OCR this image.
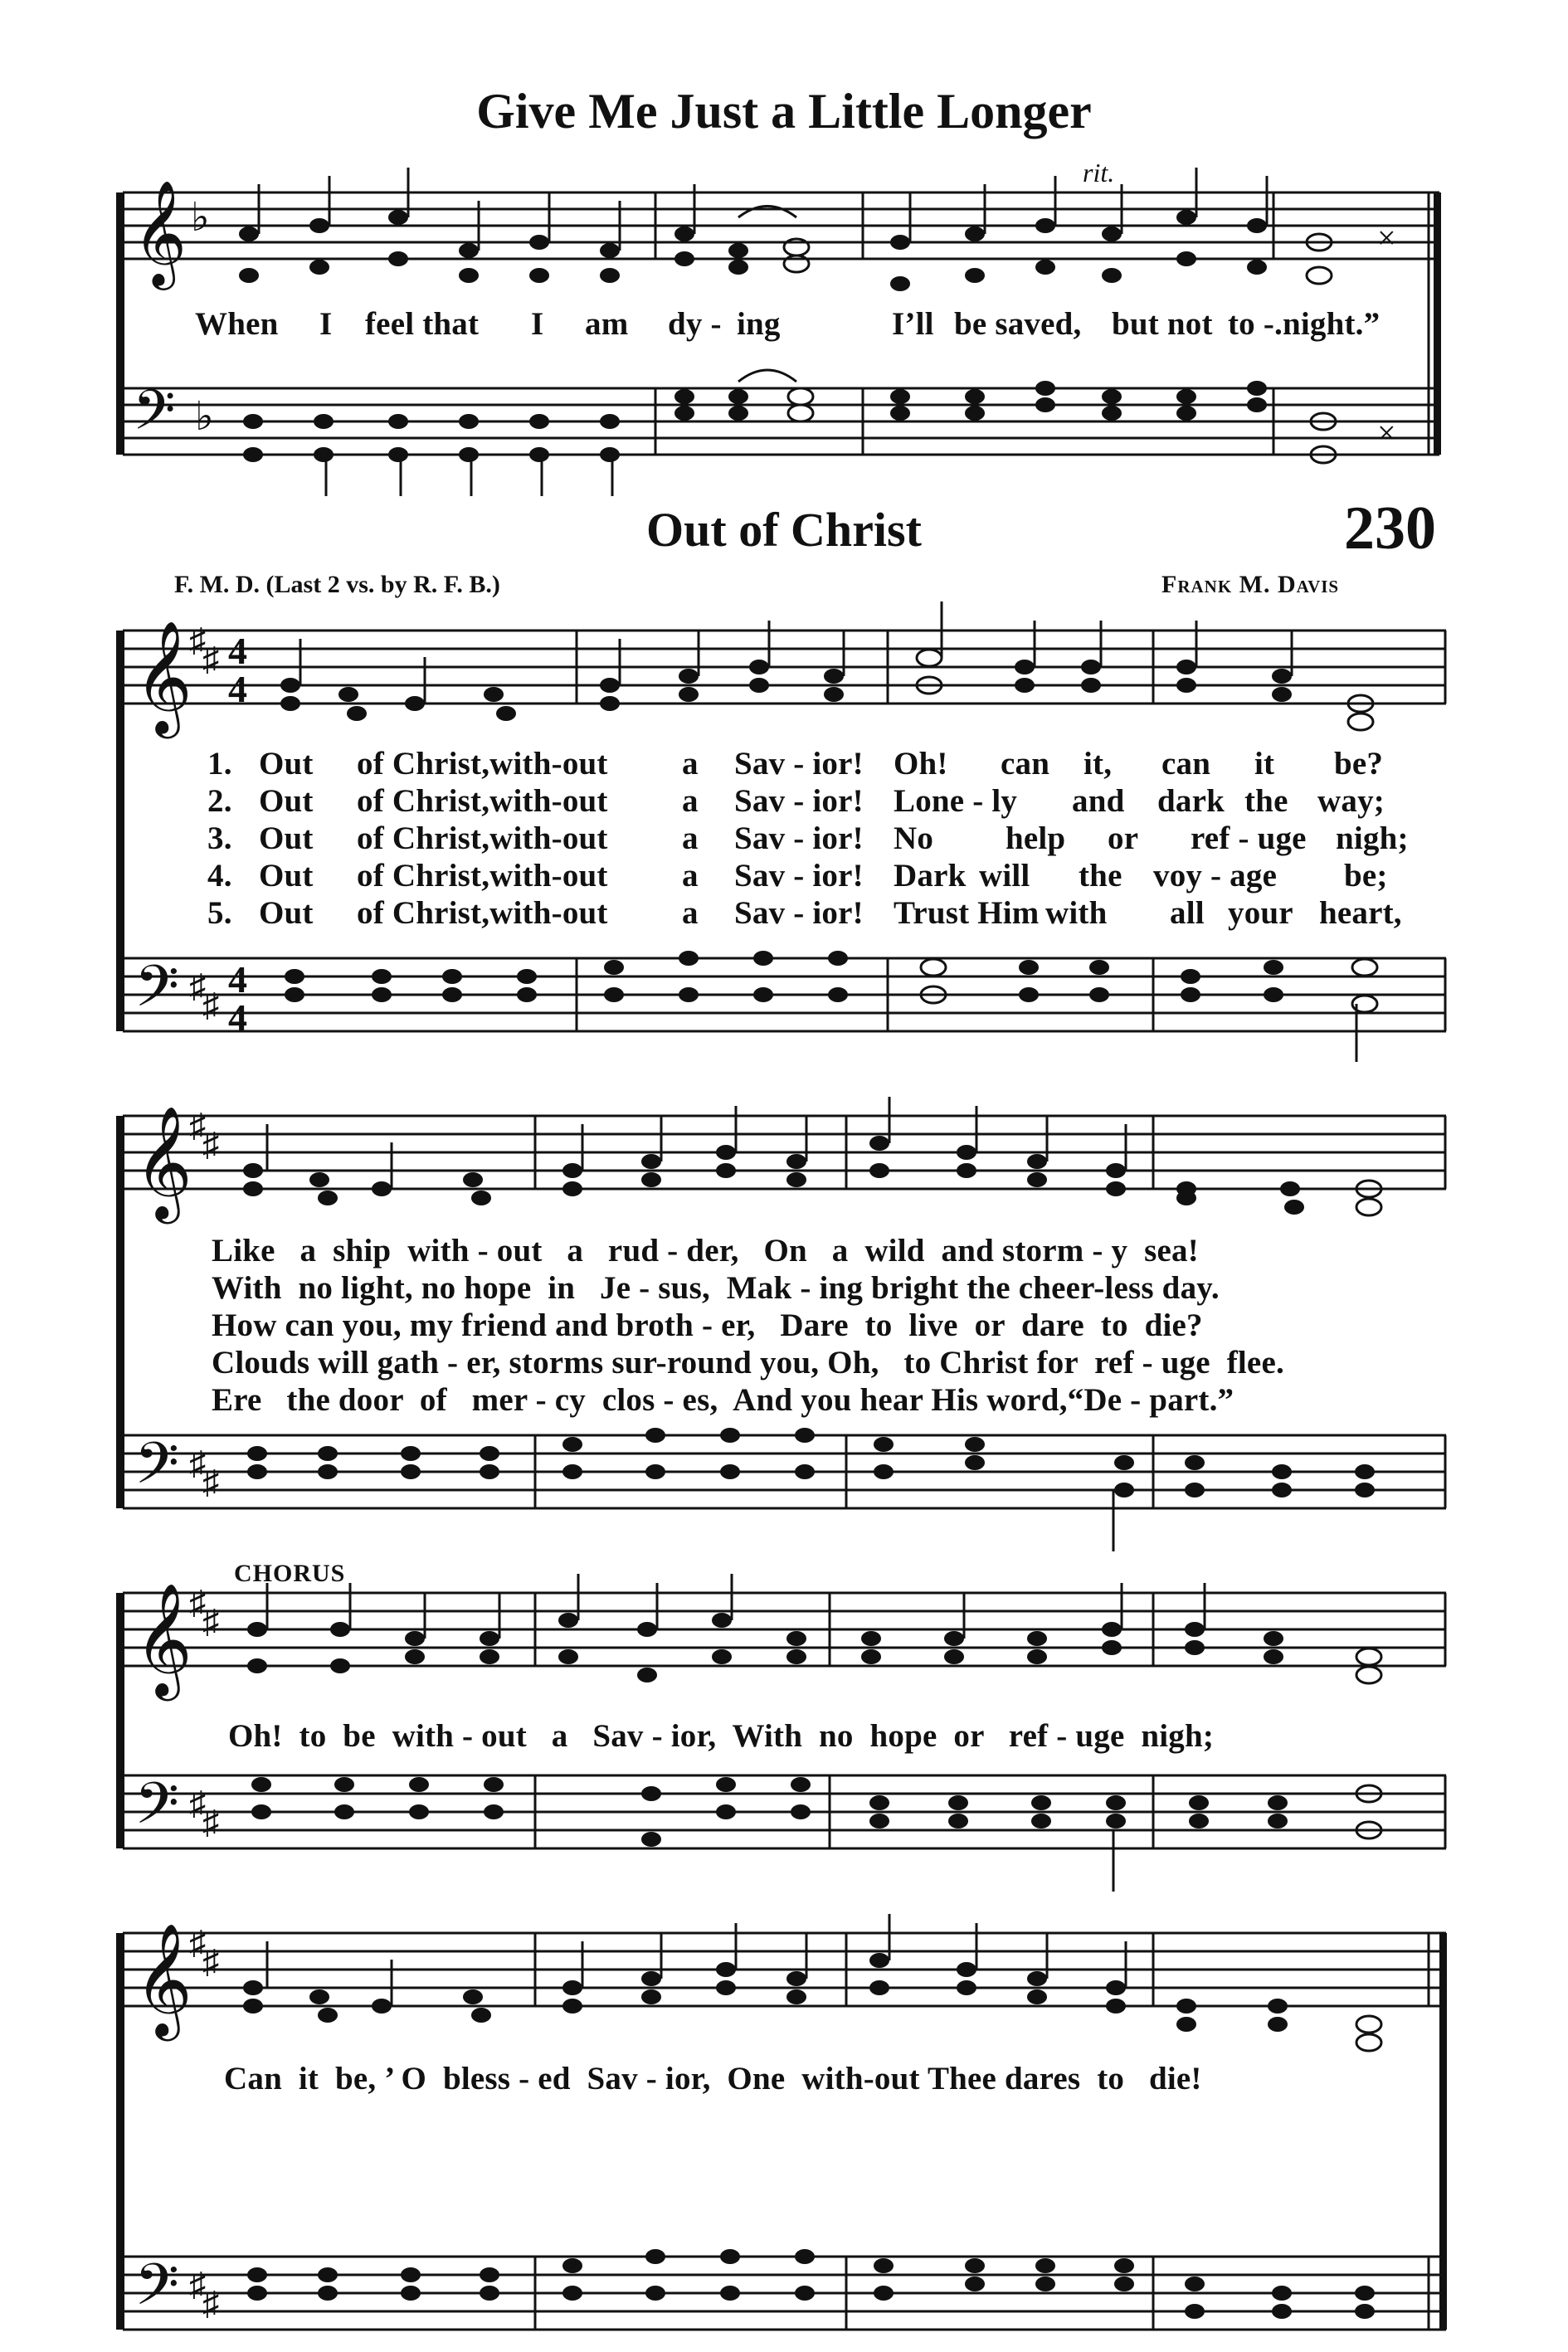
Give Me Just a Little Longer
rit.
𝄞
𝄢
♭
♭
×
×
When I feel that I am dy - ing	I’ll be saved, but not to -.night.”
Out of Christ	230
F. M. D. (Last 2 vs. by R. F. B.)	Frank M. Davis
𝄞
𝄢
𝄞
𝄢
𝄞
𝄢
𝄞
𝄢
♯
♯
♯
♯
♯
♯
♯
♯
♯
♯
♯
♯
♯
♯
♯
♯
4
4
4
4
1. Out of Christ,with-out a Sav - ior! Oh! can it, can it be?
2. Out of Christ,with-out a Sav - ior! Lone - ly and dark the way;
3. Out of Christ,with-out a Sav - ior! No help or ref - uge nigh;
4. Out of Christ,with-out a Sav - ior! Dark will the voy - age be;
5. Out of Christ,with-out a Sav - ior! Trust Him with all your heart,
Like   a  ship  with - out   a   rud - der,   On   a  wild  and storm - y  sea!
With  no light, no hope  in   Je - sus,  Mak - ing bright the cheer-less day.
How can you, my friend and broth - er,   Dare  to  live  or  dare  to  die?
Clouds will gath - er, storms sur-round you, Oh,   to Christ for  ref - uge  flee.
Ere   the door  of   mer - cy  clos - es,  And you hear His word,“De - part.”
CHORUS
Oh!  to  be  with - out   a   Sav - ior,  With  no  hope  or   ref - uge  nigh;
Can  it  be, ’ O  bless - ed  Sav - ior,  One  with-out Thee dares  to   die!
